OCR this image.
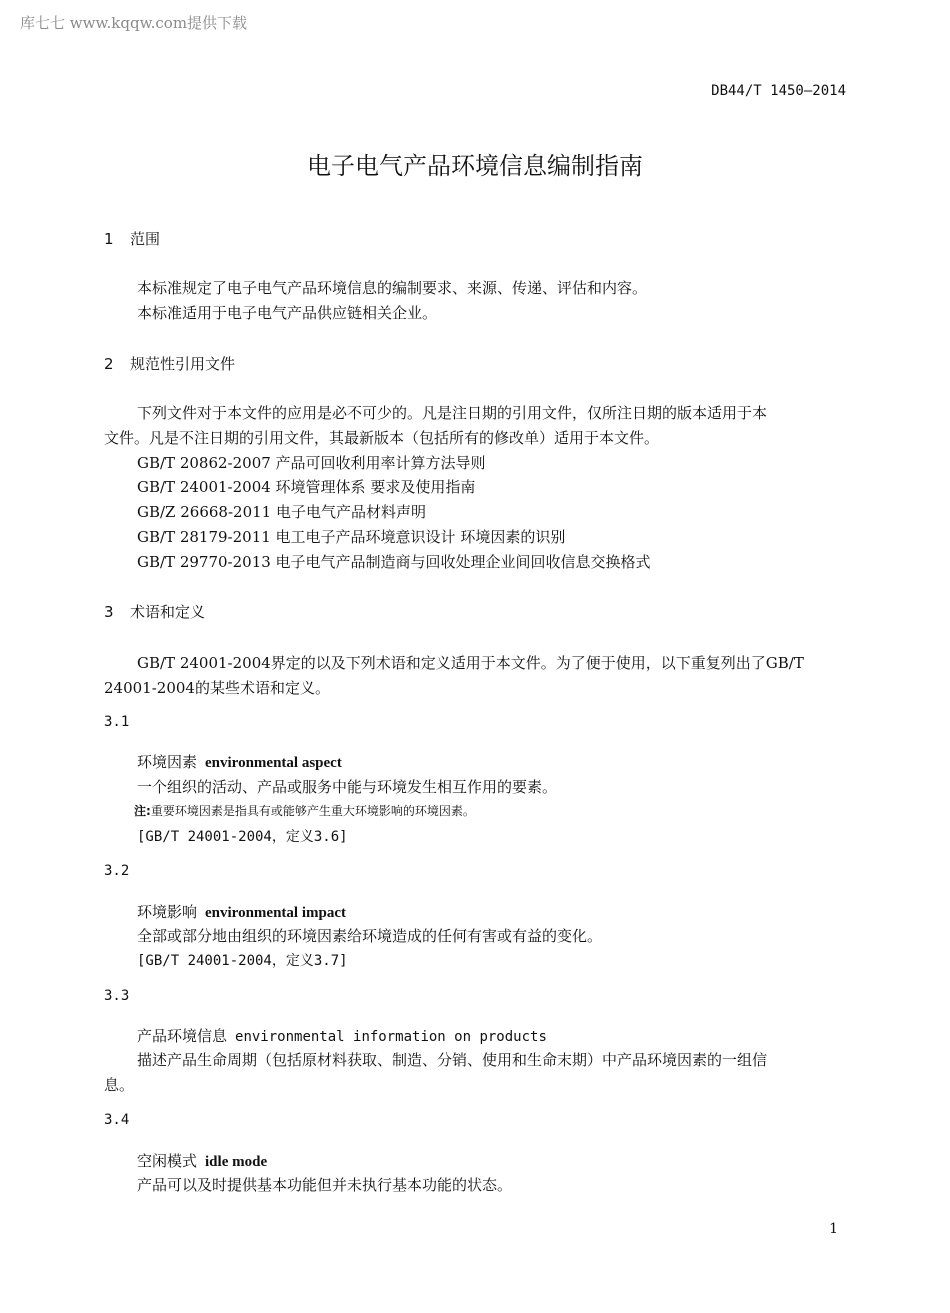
库七七 www.kqqw.com提供下载
DB44/T 1450—2014
电子电气产品环境信息编制指南
1 范围
本标准规定了电子电气产品环境信息的编制要求、来源、传递、评估和内容。
本标准适用于电子电气产品供应链相关企业。
2 规范性引用文件
下列文件对于本文件的应用是必不可少的。凡是注日期的引用文件，仅所注日期的版本适用于本
文件。凡是不注日期的引用文件，其最新版本（包括所有的修改单）适用于本文件。
GB/T 20862-2007 产品可回收利用率计算方法导则
GB/T 24001-2004 环境管理体系 要求及使用指南
GB/Z 26668-2011 电子电气产品材料声明
GB/T 28179-2011 电工电子产品环境意识设计 环境因素的识别
GB/T 29770-2013 电子电气产品制造商与回收处理企业间回收信息交换格式
3 术语和定义
GB/T 24001-2004界定的以及下列术语和定义适用于本文件。为了便于使用，以下重复列出了GB/T
24001-2004的某些术语和定义。
3.1
环境因素 environmental aspect
一个组织的活动、产品或服务中能与环境发生相互作用的要素。
注:重要环境因素是指具有或能够产生重大环境影响的环境因素。
[GB/T 24001-2004，定义3.6]
3.2
环境影响 environmental impact
全部或部分地由组织的环境因素给环境造成的任何有害或有益的变化。
[GB/T 24001-2004，定义3.7]
3.3
产品环境信息 environmental information on products
描述产品生命周期（包括原材料获取、制造、分销、使用和生命末期）中产品环境因素的一组信
息。
3.4
空闲模式 idle mode
产品可以及时提供基本功能但并未执行基本功能的状态。
1
